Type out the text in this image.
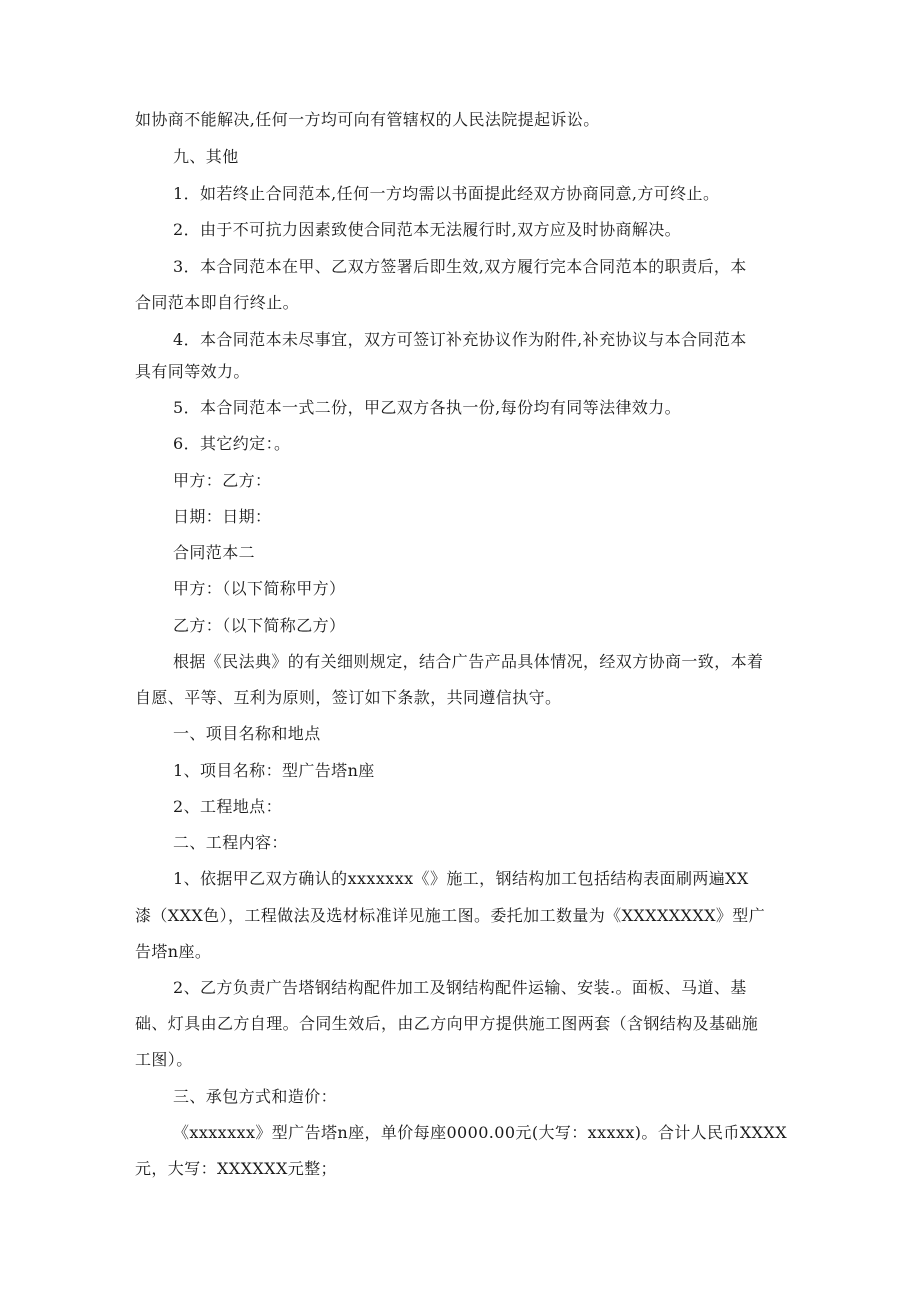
如协商不能解决,任何一方均可向有管辖权的人民法院提起诉讼。
九、其他
1．如若终止合同范本,任何一方均需以书面提此经双方协商同意,方可终止。
2．由于不可抗力因素致使合同范本无法履行时,双方应及时协商解决。
3．本合同范本在甲、乙双方签署后即生效,双方履行完本合同范本的职责后，本
合同范本即自行终止。
4．本合同范本未尽事宜，双方可签订补充协议作为附件,补充协议与本合同范本
具有同等效力。
5．本合同范本一式二份，甲乙双方各执一份,每份均有同等法律效力。
6．其它约定：。
甲方：乙方：
日期：日期：
合同范本二
甲方：（以下简称甲方）
乙方：（以下简称乙方）
根据《民法典》的有关细则规定，结合广告产品具体情况，经双方协商一致，本着
自愿、平等、互利为原则，签订如下条款，共同遵信执守。
一、项目名称和地点
1、项目名称：型广告塔n座
2、工程地点：
二、工程内容：
1、依据甲乙双方确认的xxxxxxx《》施工，钢结构加工包括结构表面刷两遍XX
漆（XXX色），工程做法及选材标准详见施工图。委托加工数量为《XXXXXXXX》型广
告塔n座。
2、乙方负责广告塔钢结构配件加工及钢结构配件运输、安装.。面板、马道、基
础、灯具由乙方自理。合同生效后，由乙方向甲方提供施工图两套（含钢结构及基础施
工图）。
三、承包方式和造价：
《xxxxxxx》型广告塔n座，单价每座0000.00元(大写：xxxxx)。合计人民币XXXX
元，大写：XXXXXX元整；
